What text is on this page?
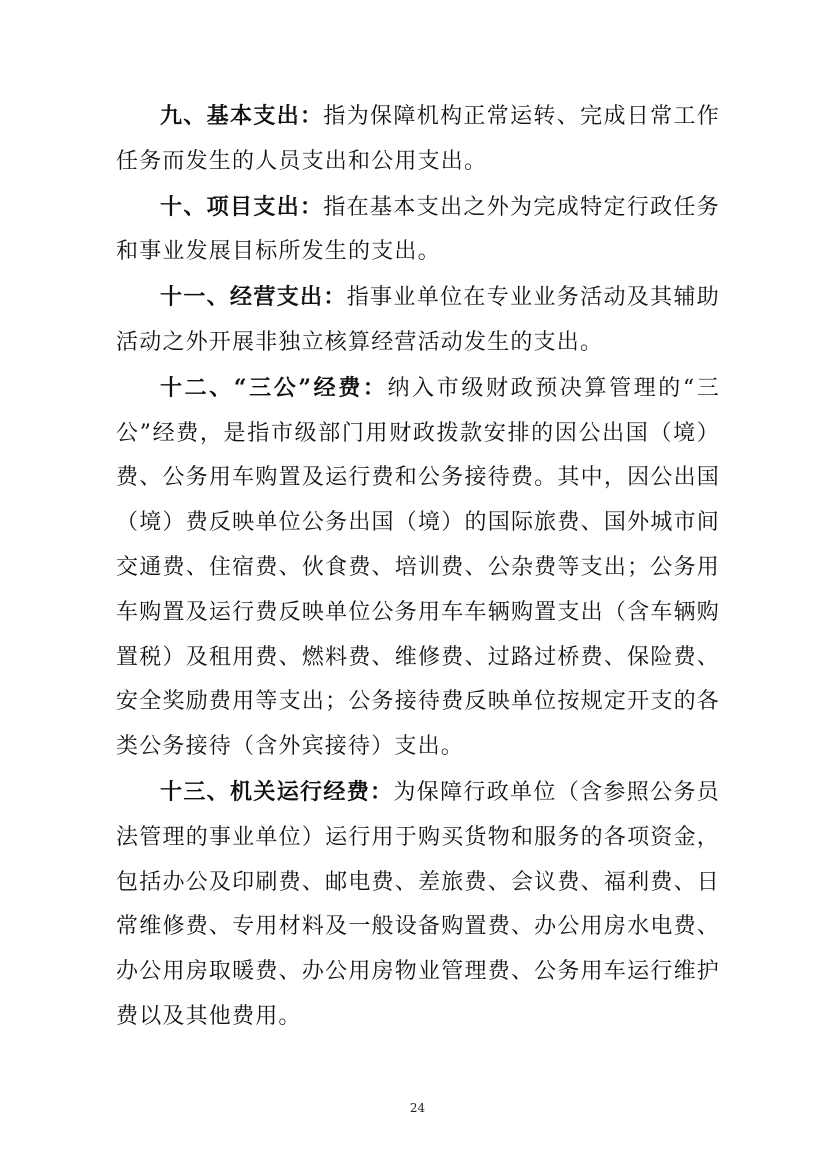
九、基本支出：指为保障机构正常运转、完成日常工作任务而发生的人员支出和公用支出。

十、项目支出：指在基本支出之外为完成特定行政任务和事业发展目标所发生的支出。

十一、经营支出：指事业单位在专业业务活动及其辅助活动之外开展非独立核算经营活动发生的支出。

十二、“三公”经费：纳入市级财政预决算管理的“三公”经费，是指市级部门用财政拨款安排的因公出国（境）费、公务用车购置及运行费和公务接待费。其中，因公出国（境）费反映单位公务出国（境）的国际旅费、国外城市间交通费、住宿费、伙食费、培训费、公杂费等支出；公务用车购置及运行费反映单位公务用车车辆购置支出（含车辆购置税）及租用费、燃料费、维修费、过路过桥费、保险费、安全奖励费用等支出；公务接待费反映单位按规定开支的各类公务接待（含外宾接待）支出。

十三、机关运行经费：为保障行政单位（含参照公务员法管理的事业单位）运行用于购买货物和服务的各项资金，包括办公及印刷费、邮电费、差旅费、会议费、福利费、日常维修费、专用材料及一般设备购置费、办公用房水电费、办公用房取暖费、办公用房物业管理费、公务用车运行维护费以及其他费用。

24
